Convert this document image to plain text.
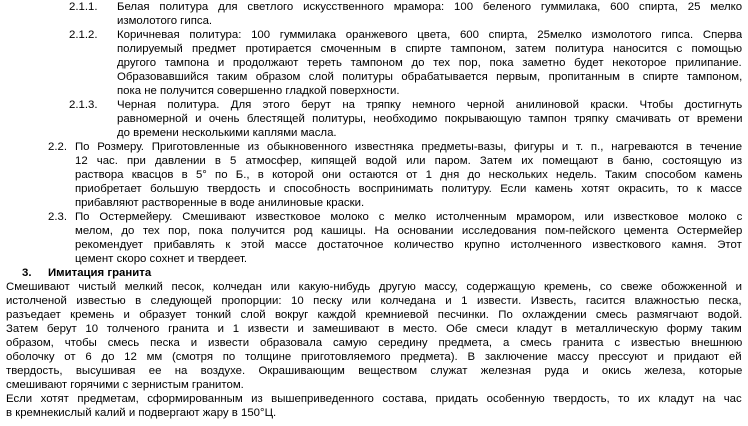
2.1.1. Белая политура для светлого искусственного мрамора: 100 беленого гуммилака, 600 спирта, 25 мелко
измолотого гипса.
2.1.2. Коричневая политура: 100 гуммилака оранжевого цвета, 600 спирта, 25мелко измолотого гипса. Сперва
полируемый предмет протирается смоченным в спирте тампоном, затем политура наносится с помощью
другого тампона и продолжают тереть тампоном до тех пор, пока заметно будет некоторое прилипание.
Образовавшийся таким образом слой политуры обрабатывается первым, пропитанным в спирте тампоном,
пока не получится совершенно гладкой поверхности.
2.1.3. Черная политура. Для этого берут на тряпку немного черной анилиновой краски. Чтобы достигнуть
равномерной и очень блестящей политуры, необходимо покрывающую тампон тряпку смачивать от времени
до времени несколькими каплями масла.
2.2. По Розмеру. Приготовленные из обыкновенного известняка предметы-вазы, фигуры и т. п., нагреваются в течение
12 час. при давлении в 5 атмосфер, кипящей водой или паром. Затем их помещают в баню, состоящую из
раствора квасцов в 5° по Б., в которой они остаются от 1 дня до нескольких недель. Таким способом камень
приобретает большую твердость и способность воспринимать политуру. Если камень хотят окрасить, то к массе
прибавляют растворенные в воде анилиновые краски.
2.3. По Остермейеру. Смешивают известковое молоко с мелко истолченным мрамором, или известковое молоко с
мелом, до тех пор, пока получится род кашицы. На основании исследования пом-пейского цемента Остермейер
рекомендует прибавлять к этой массе достаточное количество крупно истолченного известкового камня. Этот
цемент скоро сохнет и твердеет.
3. Имитация гранита
Смешивают чистый мелкий песок, колчедан или какую-нибудь другую массу, содержащую кремень, со свеже обожженной и
истолченой известью в следующей пропорции: 10 песку или колчедана и 1 извести. Известь, гасится влажностью песка,
разъедает кремень и образует тонкий слой вокруг каждой кремниевой песчинки. По охлаждении смесь размягчают водой.
Затем берут 10 толченого гранита и 1 извести и замешивают в место. Обе смеси кладут в металлическую форму таким
образом, чтобы смесь песка и извести образовала самую середину предмета, а смесь гранита с известью внешнюю
оболочку от 6 до 12 мм (смотря по толщине приготовляемого предмета). В заключение массу прессуют и придают ей
твердость, высушивая ее на воздухе. Окрашивающим веществом служат железная руда и окись железа, которые
смешивают горячими с зернистым гранитом.
Если хотят предметам, сформированным из вышеприведенного состава, придать особенную твердость, то их кладут на час
в кремнекислый калий и подвергают жару в 150°Ц.
